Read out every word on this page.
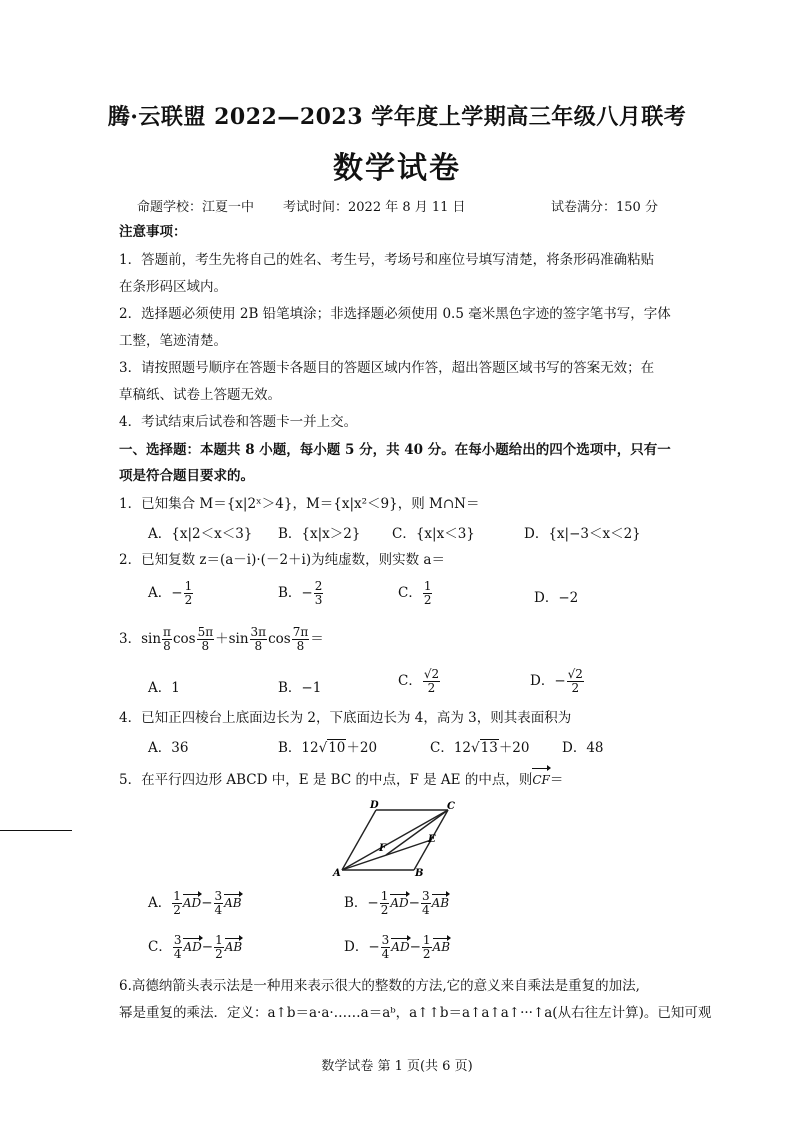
腾·云联盟 2022—2023 学年度上学期高三年级八月联考
数学试卷
命题学校：江夏一中 考试时间：2022 年 8 月 11 日	试卷满分：150 分
注意事项：
1．答题前，考生先将自己的姓名、考生号，考场号和座位号填写清楚，将条形码准确粘贴
在条形码区域内。
2．选择题必须使用 2B 铅笔填涂；非选择题必须使用 0.5 毫米黑色字迹的签字笔书写，字体
工整，笔迹清楚。
3．请按照题号顺序在答题卡各题目的答题区域内作答，超出答题区域书写的答案无效；在
草稿纸、试卷上答题无效。
4．考试结束后试卷和答题卡一并上交。
一、选择题：本题共 8 小题，每小题 5 分，共 40 分。在每小题给出的四个选项中，只有一
项是符合题目要求的。
1．已知集合 M＝{x|2ˣ＞4}，M＝{x|x²＜9}，则 M∩N＝
A．{x|2＜x＜3} B．{x|x＞2} C．{x|x＜3}	D．{x|−3＜x＜2}
2．已知复数 z＝(a－i)·(－2＋i)为纯虚数，则实数 a＝
A．− $\frac{1}{2}$	B．− $\frac{2}{3}$	C． $\frac{1}{2}$	D．−2
3．$\sin \frac{\pi}{8}$ $\cos \frac{5\pi}{8} +\sin \frac{3\pi}{8}$ $\cos \frac{7\pi}{8}$ ＝
A．1	B．−1	C． $\frac{√2}{2}$	D．− $\frac{√2}{2}$
4．已知正四棱台上底面边长为 2，下底面边长为 4，高为 3，则其表面积为
A．36	B．12√10＋20	C．12√13＋20 D．48
5．在平行四边形 ABCD 中，E 是 BC 的中点，F 是 AE 的中点，则CF＝
D	C
E
F
A	B
A． $\frac{1}{2} AD- \frac{3}{4}$ AB	B．− $\frac{1}{2} AD- \frac{3}{4}$ AB
C． $\frac{3}{4} AD- \frac{1}{2}$ AB	D．− $\frac{3}{4} AD- \frac{1}{2}$ AB
6.高德纳箭头表示法是一种用来表示很大的整数的方法,它的意义来自乘法是重复的加法,
幂是重复的乘法．定义：a↑b＝a·a·……a＝aᵇ，a↑↑b＝a↑a↑a↑···↑a(从右往左计算)。已知可观
数学试卷 第 1 页(共 6 页)
